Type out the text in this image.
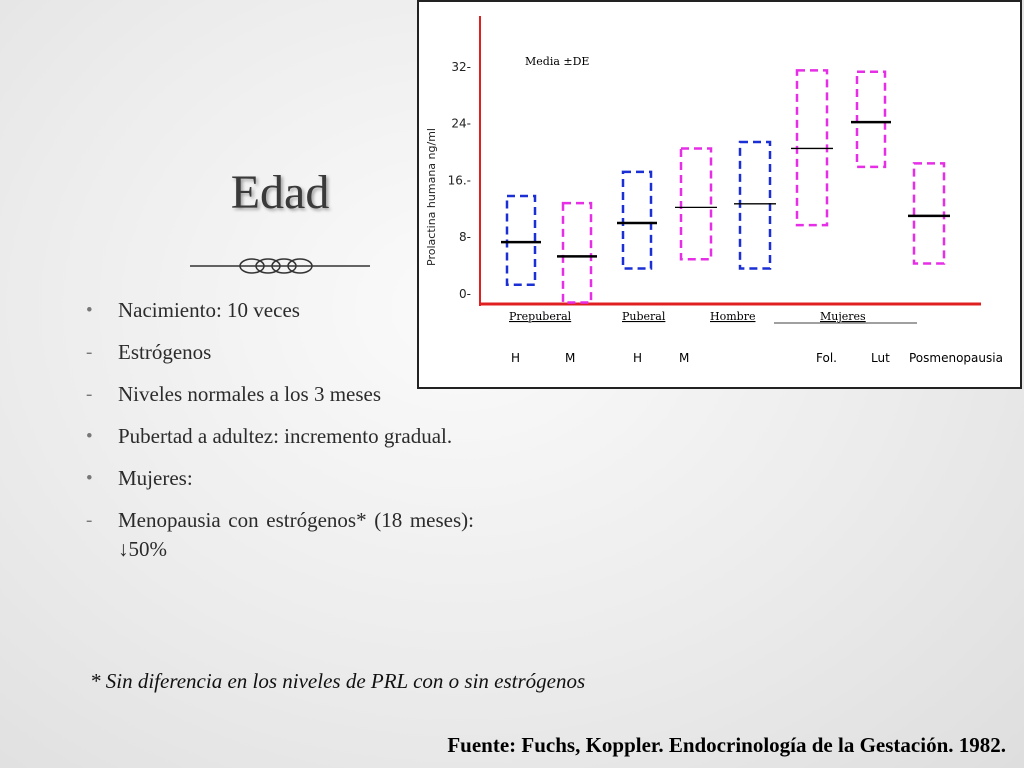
Edad
• Nacimiento: 10 veces
- Estrógenos
- Niveles normales a los 3 meses
• Pubertad a adultez: incremento gradual.
• Mujeres:
- Menopausia con estrógenos* (18 meses): ↓50%
0-
8-
16.-
24-
32-
Prolactina humana ng/ml
Media ±DE
Prepuberal	Puberal	Hombre	Mujeres
H	M	H	M	Fol.	Lut Posmenopausia
* Sin diferencia en los niveles de PRL con o sin estrógenos
Fuente: Fuchs, Koppler. Endocrinología de la Gestación. 1982.
